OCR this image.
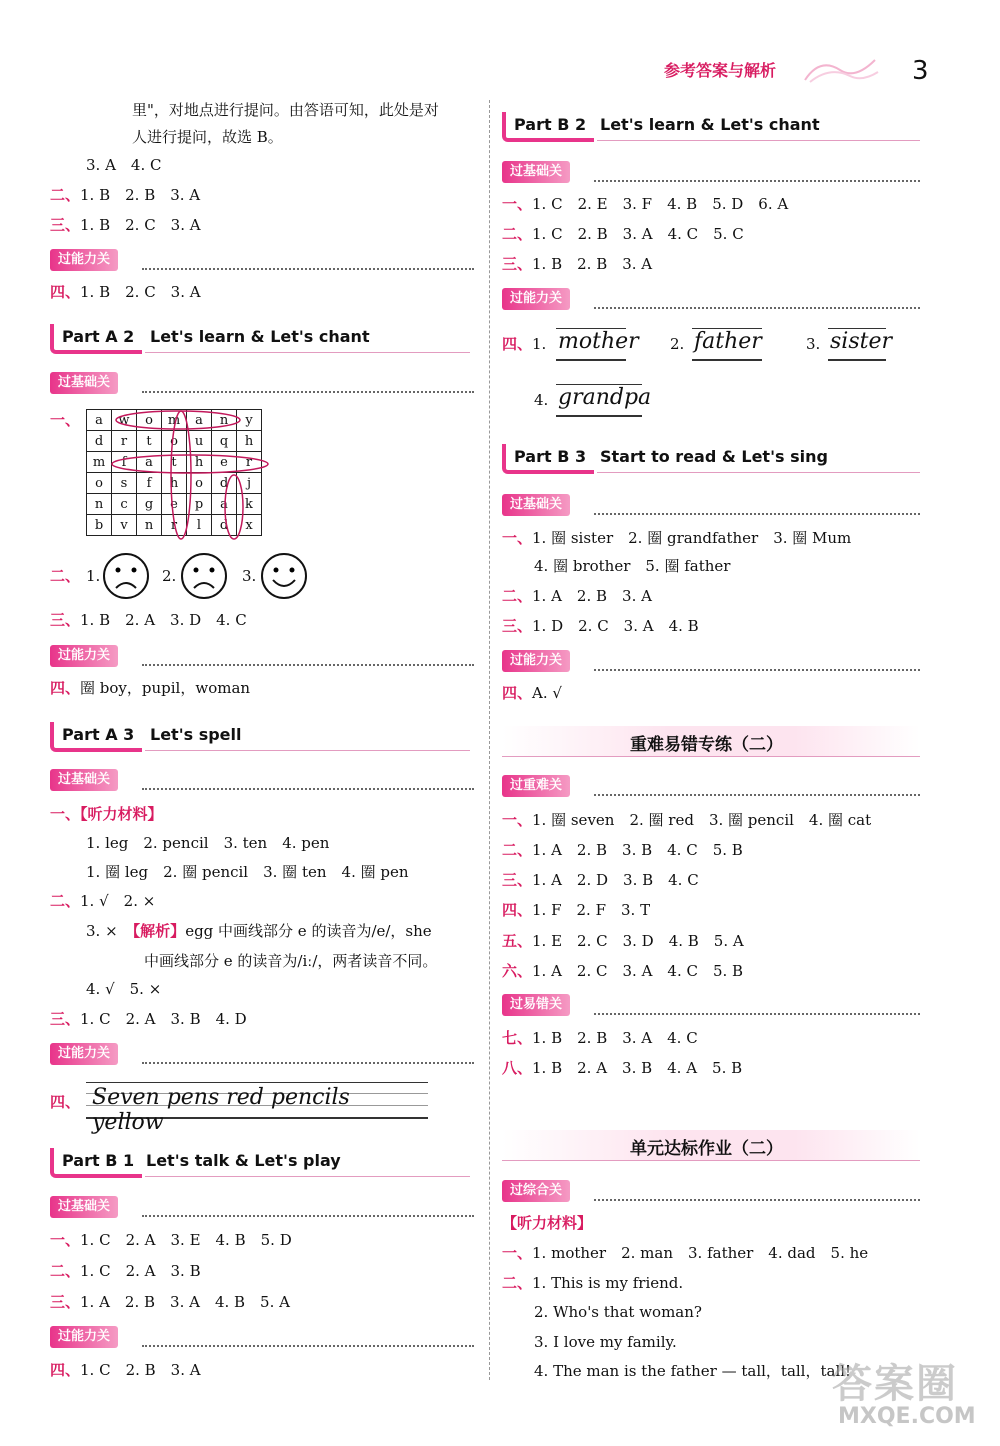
参考答案与解析	3
里"，对地点进行提问。由答语可知，此处是对
人进行提问，故选 B。
3. A　4. C
二、1. B　2. B　3. A
三、1. B　2. C　3. A
过能力关
四、1. B　2. C　3. A
Part A 2 Let's learn & Let's chant
过基础关
一、 a	w	o	m	a	n	y
d	r	t	o	u	q	h
m	f	a	t	h	e	r
o	s	f	h	o	d	j
n	c	g	e	p	a	k
b	v	n	r	l	d	x
二、 1.	2.	3.
三、1. B　2. A　3. D　4. C
过能力关
四、圈 boy，pupil，woman
Part A 3 Let's spell
过基础关
一、【听力材料】
1. leg　2. pencil　3. ten　4. pen
1. 圈 leg　2. 圈 pencil　3. 圈 ten　4. 圈 pen
二、1. √　2. ×
3. ×　 【解析】egg 中画线部分 e 的读音为/e/，she
中画线部分 e 的读音为/iː/，两者读音不同。
4. √　5. ×
三、1. C　2. A　3. B　4. D
过能力关
四、 Seven pens red pencils yellow
Part B 1 Let's talk & Let's play
过基础关
一、1. C　2. A　3. E　4. B　5. D
二、1. C　2. A　3. B
三、1. A　2. B　3. A　4. B　5. A
过能力关
四、1. C　2. B　3. A
Part B 2 Let's learn & Let's chant
过基础关
一、1. C　2. E　3. F　4. B　5. D　6. A
二、1. C　2. B　3. A　4. C　5. C
三、1. B　2. B　3. A
过能力关
四、1. mother 2. father	3. sister
4. grandpa
Part B 3 Start to read & Let's sing
过基础关
一、1. 圈 sister　2. 圈 grandfather　3. 圈 Mum
4. 圈 brother　5. 圈 father
二、1. A　2. B　3. A
三、1. D　2. C　3. A　4. B
过能力关
四、A. √
重难易错专练（二）
过重难关
一、1. 圈 seven　2. 圈 red　3. 圈 pencil　4. 圈 cat
二、1. A　2. B　3. B　4. C　5. B
三、1. A　2. D　3. B　4. C
四、1. F　2. F　3. T
五、1. E　2. C　3. D　4. B　5. A
六、1. A　2. C　3. A　4. C　5. B
过易错关
七、1. B　2. B　3. A　4. C
八、1. B　2. A　3. B　4. A　5. B
单元达标作业（二）
过综合关
【听力材料】
一、1. mother　2. man　3. father　4. dad　5. he
二、1. This is my friend.
2. Who's that woman?
3. I love my family.
4. The man is the father — tall，tall，tall!
答案圈
MXQE.COM
